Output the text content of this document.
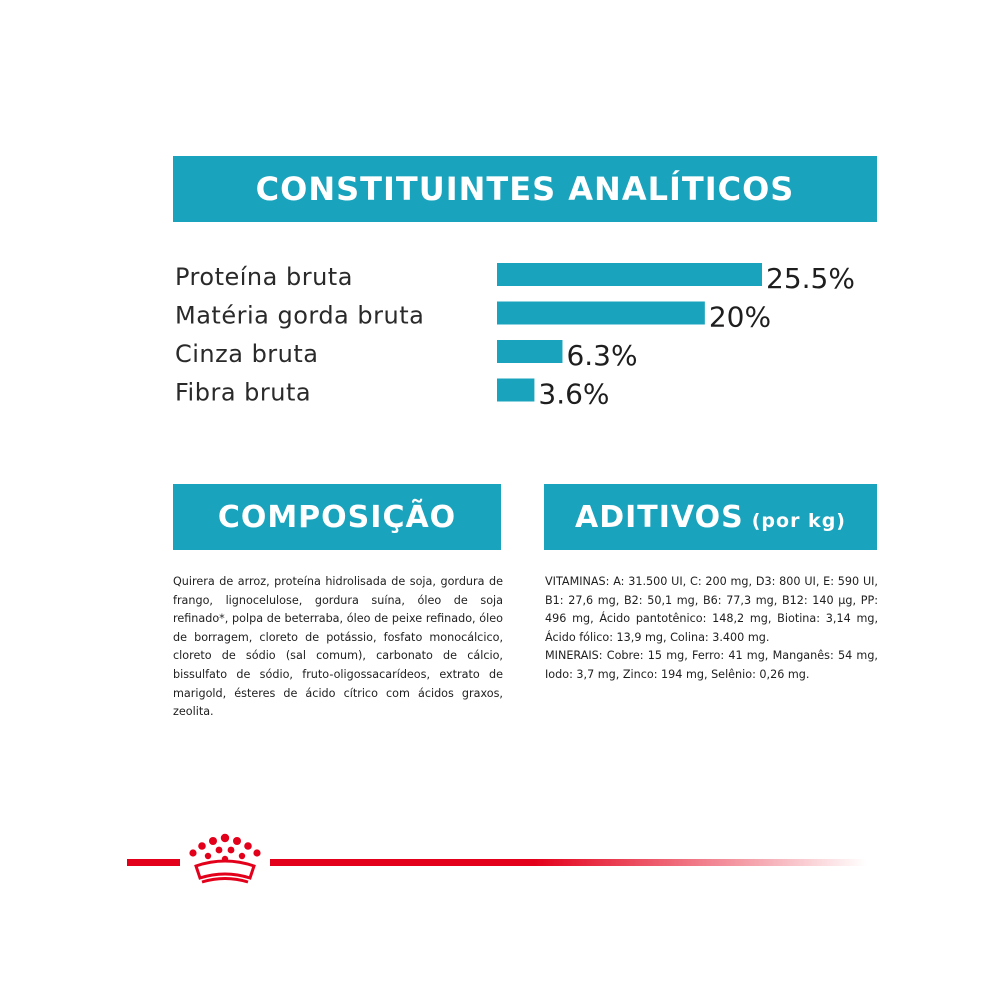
CONSTITUINTES ANALÍTICOS
Proteína bruta	25.5%
Matéria gorda bruta	20%
Cinza bruta	6.3%
Fibra bruta	3.6%
COMPOSIÇÃO	ADITIVOS (por kg)
Quirera de arroz, proteína hidrolisada de soja, gordura de frango, lignocelulose, gordura suína, óleo de soja refinado*, polpa de beterraba, óleo de peixe refinado, óleo de borragem, cloreto de potássio, fosfato monocálcico, cloreto de sódio (sal comum), carbonato de cálcio, bissulfato de sódio, fruto-oligossacarídeos, extrato de marigold, ésteres de ácido cítrico com ácidos graxos, zeolita.

VITAMINAS: A: 31.500 UI, C: 200 mg, D3: 800 UI, E: 590 UI, B1: 27,6 mg, B2: 50,1 mg, B6: 77,3 mg, B12: 140 µg, PP: 496 mg, Ácido pantotênico: 148,2 mg, Biotina: 3,14 mg, Ácido fólico: 13,9 mg, Colina: 3.400 mg.

MINERAIS: Cobre: 15 mg, Ferro: 41 mg, Manganês: 54 mg, Iodo: 3,7 mg, Zinco: 194 mg, Selênio: 0,26 mg.
